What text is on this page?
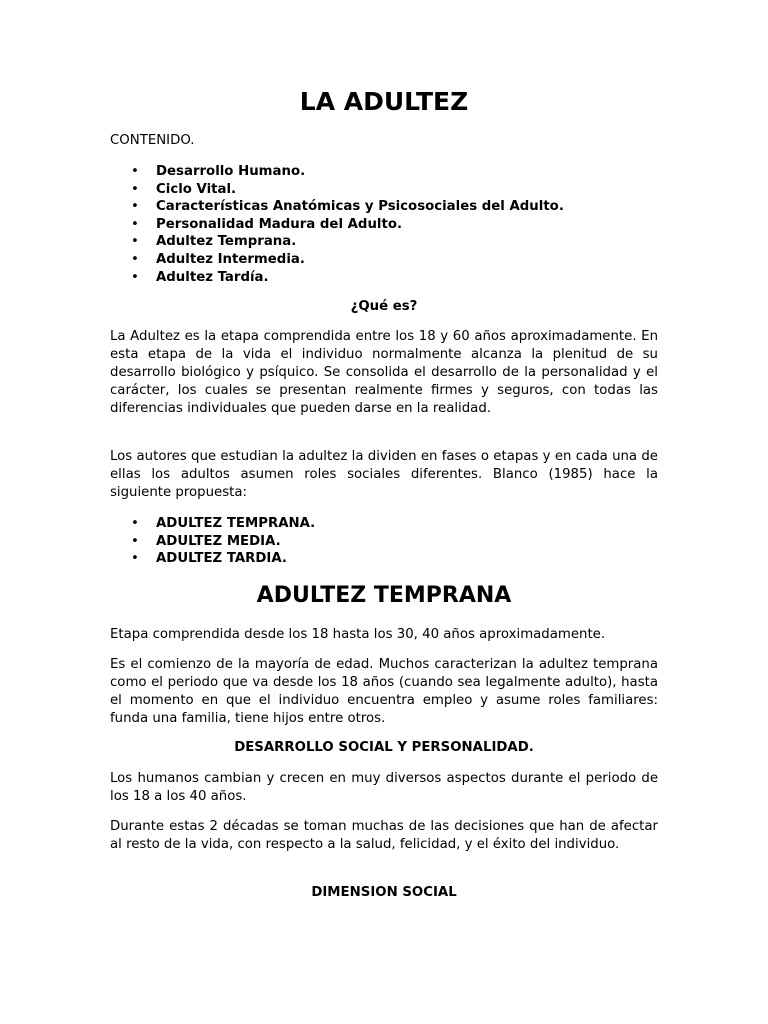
LA ADULTEZ
CONTENIDO.
• Desarrollo Humano.
• Ciclo Vital.
• Características Anatómicas y Psicosociales del Adulto.
• Personalidad Madura del Adulto.
• Adultez Temprana.
• Adultez Intermedia.
• Adultez Tardía.
¿Qué es?

La Adultez es la etapa comprendida entre los 18 y 60 años aproximadamente. En esta etapa de la vida el individuo normalmente alcanza la plenitud de su desarrollo biológico y psíquico. Se consolida el desarrollo de la personalidad y el carácter, los cuales se presentan realmente firmes y seguros, con todas las diferencias individuales que pueden darse en la realidad.

Los autores que estudian la adultez la dividen en fases o etapas y en cada una de ellas los adultos asumen roles sociales diferentes. Blanco (1985) hace la siguiente propuesta:

• ADULTEZ TEMPRANA.
• ADULTEZ MEDIA.
• ADULTEZ TARDIA.
ADULTEZ TEMPRANA

Etapa comprendida desde los 18 hasta los 30, 40 años aproximadamente.

Es el comienzo de la mayoría de edad. Muchos caracterizan la adultez temprana como el periodo que va desde los 18 años (cuando sea legalmente adulto), hasta el momento en que el individuo encuentra empleo y asume roles familiares: funda una familia, tiene hijos entre otros.

DESARROLLO SOCIAL Y PERSONALIDAD.

Los humanos cambian y crecen en muy diversos aspectos durante el periodo de los 18 a los 40 años.

Durante estas 2 décadas se toman muchas de las decisiones que han de afectar al resto de la vida, con respecto a la salud, felicidad, y el éxito del individuo.

DIMENSION SOCIAL
